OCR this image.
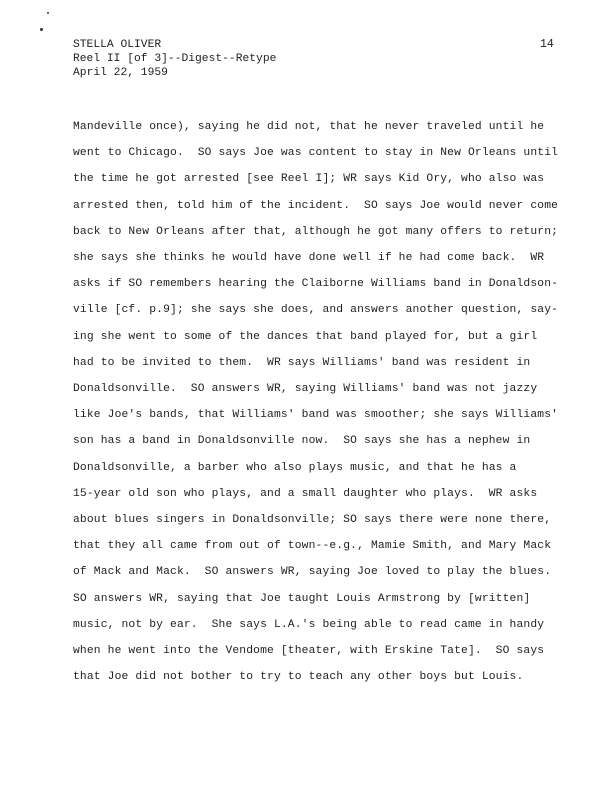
STELLA OLIVER
Reel II [of 3]--Digest--Retype
April 22, 1959
14
Mandeville once), saying he did not, that he never traveled until he
went to Chicago.  SO says Joe was content to stay in New Orleans until
the time he got arrested [see Reel I]; WR says Kid Ory, who also was
arrested then, told him of the incident.  SO says Joe would never come
back to New Orleans after that, although he got many offers to return;
she says she thinks he would have done well if he had come back.  WR
asks if SO remembers hearing the Claiborne Williams band in Donaldson-
ville [cf. p.9]; she says she does, and answers another question, say-
ing she went to some of the dances that band played for, but a girl
had to be invited to them.  WR says Williams' band was resident in
Donaldsonville.  SO answers WR, saying Williams' band was not jazzy
like Joe's bands, that Williams' band was smoother; she says Williams'
son has a band in Donaldsonville now.  SO says she has a nephew in
Donaldsonville, a barber who also plays music, and that he has a
15-year old son who plays, and a small daughter who plays.  WR asks
about blues singers in Donaldsonville; SO says there were none there,
that they all came from out of town--e.g., Mamie Smith, and Mary Mack
of Mack and Mack.  SO answers WR, saying Joe loved to play the blues.
SO answers WR, saying that Joe taught Louis Armstrong by [written]
music, not by ear.  She says L.A.'s being able to read came in handy
when he went into the Vendome [theater, with Erskine Tate].  SO says
that Joe did not bother to try to teach any other boys but Louis.
